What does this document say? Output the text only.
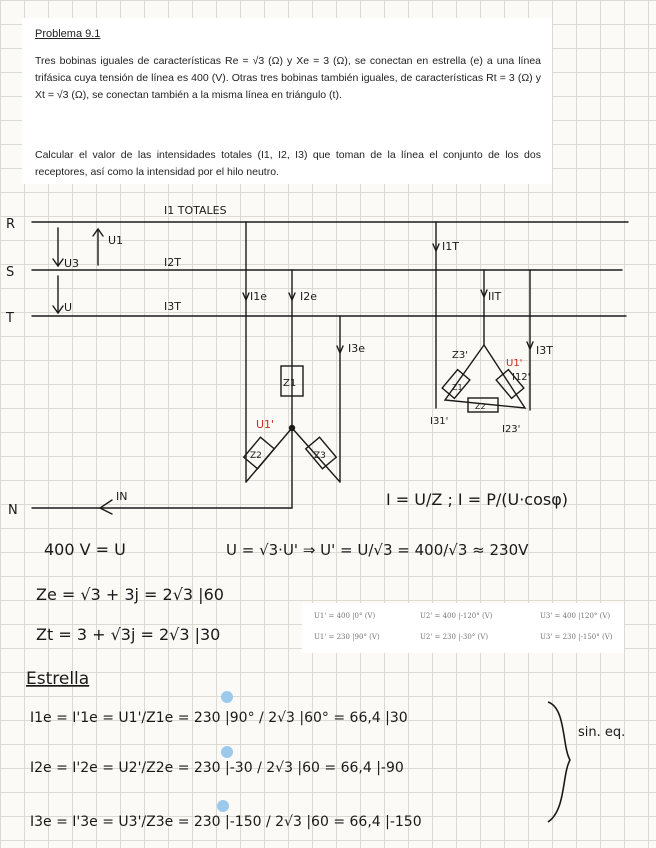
Problema 9.1

Tres bobinas iguales de características Re = √3 (Ω) y Xe = 3 (Ω), se conectan en estrella (e) a una línea trifásica cuya tensión de línea es 400 (V). Otras tres bobinas también iguales, de características Rt = 3 (Ω) y Xt = √3 (Ω), se conectan también a la misma línea en triángulo (t).

Calcular el valor de las intensidades totales (I1, I2, I3) que toman de la línea el conjunto de los dos receptores, así como la intensidad por el hilo neutro.

U1' = 400 |0° (V)	U2' = 400 |-120° (V)	U3' = 400 |120° (V)
U1' = 230 |90° (V)	U2' = 230 |-30° (V)	U3' = 230 |-150° (V)
R
S
T
N
I1 TOTALES
I2T
I3T
U1
U3
U
I1e	I2e
I3e
Z1
Z2	Z3
U1'
IN
I1T
IIT
I3T
Z3'
U1'
I12'
Z1
Z2
I23'
I31'
I = U/Z ; I = P/(U·cosφ)
400 V = U	U = √3·U' ⇒ U' = U/√3 = 400/√3 ≈ 230V
Ze = √3 + 3j = 2√3 |60
Zt = 3 + √3j = 2√3 |30
Estrella
I1e = I'1e = U1'/Z1e = 230 |90° / 2√3 |60° = 66,4 |30
I2e = I'2e = U2'/Z2e = 230 |-30 / 2√3 |60 = 66,4 |-90
I3e = I'3e = U3'/Z3e = 230 |-150 / 2√3 |60 = 66,4 |-150
sin. eq.
